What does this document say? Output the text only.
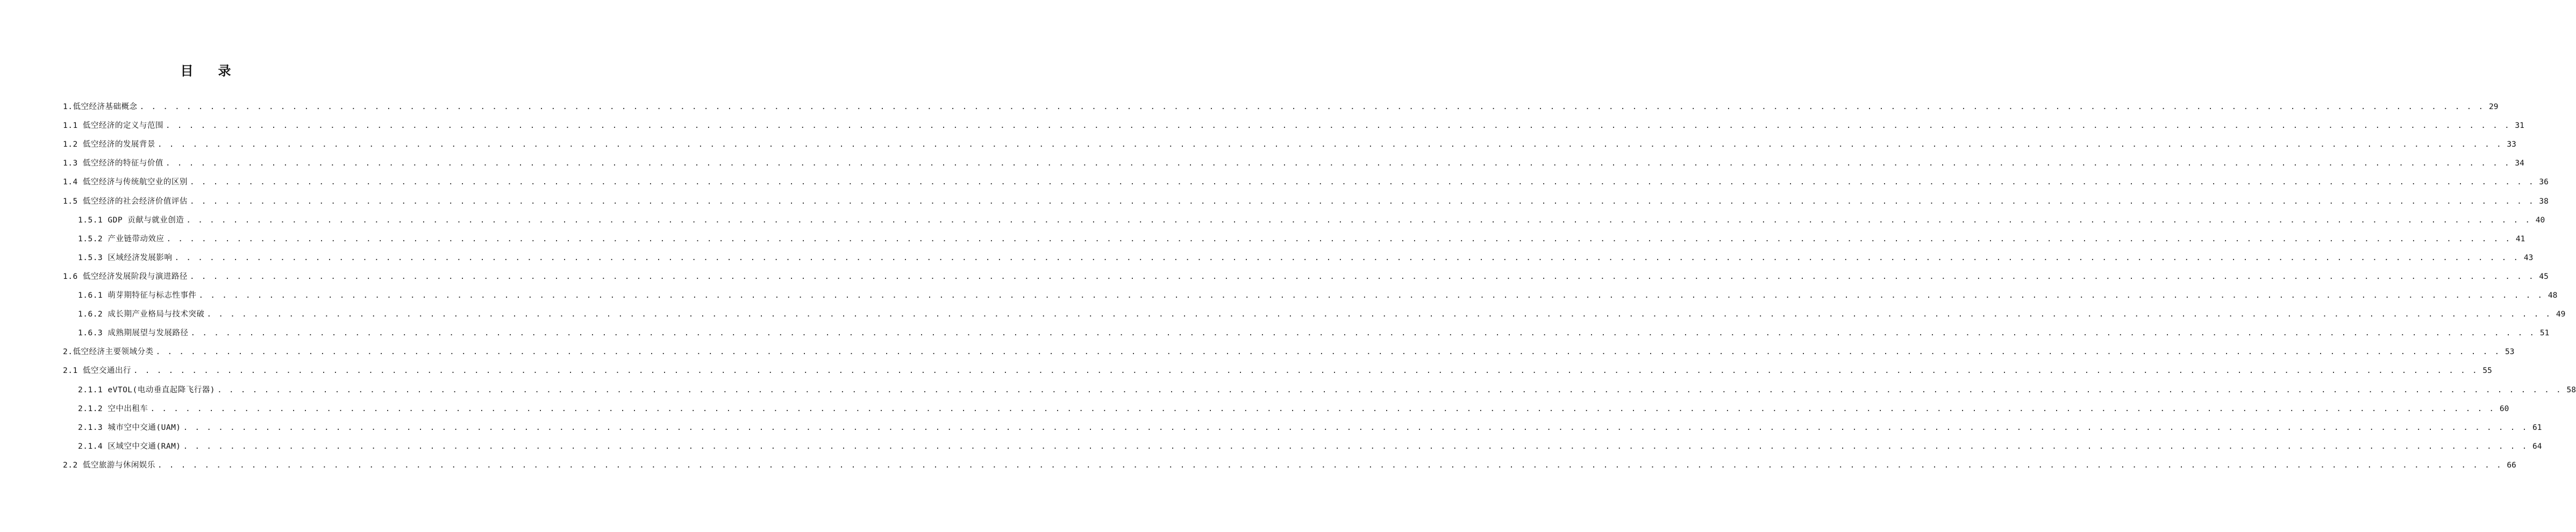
目 录
1.低空经济基础概念 . . . . . . . . . . . . . . . . . . . . . . . . . . . . . . . . . . . . . . . . . . . . . . . . . . . . . . . . . . . . . . . . . . . . . . . . . . . . . . . . . . . . . . . . . . . . . . . . . . . . . . . . . . . . . . . . . . . . . . . . . . . . . . . . . . . . . . . . . . . . . . . . . . . . . . . . . . . . . . . . . . . . . . . . . . . . . . . . . . . . . . . . . . . . . . . . . . . . . . . . 29
1.1 低空经济的定义与范围 . . . . . . . . . . . . . . . . . . . . . . . . . . . . . . . . . . . . . . . . . . . . . . . . . . . . . . . . . . . . . . . . . . . . . . . . . . . . . . . . . . . . . . . . . . . . . . . . . . . . . . . . . . . . . . . . . . . . . . . . . . . . . . . . . . . . . . . . . . . . . . . . . . . . . . . . . . . . . . . . . . . . . . . . . . . . . . . . . . . . . . . . . . . . . . . . . . . . . . . . 31
1.2 低空经济的发展背景 . . . . . . . . . . . . . . . . . . . . . . . . . . . . . . . . . . . . . . . . . . . . . . . . . . . . . . . . . . . . . . . . . . . . . . . . . . . . . . . . . . . . . . . . . . . . . . . . . . . . . . . . . . . . . . . . . . . . . . . . . . . . . . . . . . . . . . . . . . . . . . . . . . . . . . . . . . . . . . . . . . . . . . . . . . . . . . . . . . . . . . . . . . . . . . . . . . . . . . . . 33
1.3 低空经济的特征与价值 . . . . . . . . . . . . . . . . . . . . . . . . . . . . . . . . . . . . . . . . . . . . . . . . . . . . . . . . . . . . . . . . . . . . . . . . . . . . . . . . . . . . . . . . . . . . . . . . . . . . . . . . . . . . . . . . . . . . . . . . . . . . . . . . . . . . . . . . . . . . . . . . . . . . . . . . . . . . . . . . . . . . . . . . . . . . . . . . . . . . . . . . . . . . . . . . . . . . . . . . 34
1.4 低空经济与传统航空业的区别 . . . . . . . . . . . . . . . . . . . . . . . . . . . . . . . . . . . . . . . . . . . . . . . . . . . . . . . . . . . . . . . . . . . . . . . . . . . . . . . . . . . . . . . . . . . . . . . . . . . . . . . . . . . . . . . . . . . . . . . . . . . . . . . . . . . . . . . . . . . . . . . . . . . . . . . . . . . . . . . . . . . . . . . . . . . . . . . . . . . . . . . . . . . . . . . . . . . . . . . . 36
1.5 低空经济的社会经济价值评估 . . . . . . . . . . . . . . . . . . . . . . . . . . . . . . . . . . . . . . . . . . . . . . . . . . . . . . . . . . . . . . . . . . . . . . . . . . . . . . . . . . . . . . . . . . . . . . . . . . . . . . . . . . . . . . . . . . . . . . . . . . . . . . . . . . . . . . . . . . . . . . . . . . . . . . . . . . . . . . . . . . . . . . . . . . . . . . . . . . . . . . . . . . . . . . . . . . . . . . . . 38
1.5.1 GDP 贡献与就业创造 . . . . . . . . . . . . . . . . . . . . . . . . . . . . . . . . . . . . . . . . . . . . . . . . . . . . . . . . . . . . . . . . . . . . . . . . . . . . . . . . . . . . . . . . . . . . . . . . . . . . . . . . . . . . . . . . . . . . . . . . . . . . . . . . . . . . . . . . . . . . . . . . . . . . . . . . . . . . . . . . . . . . . . . . . . . . . . . . . . . . . . . . . . . . . . . . . . . . . . . . 40
1.5.2 产业链带动效应 . . . . . . . . . . . . . . . . . . . . . . . . . . . . . . . . . . . . . . . . . . . . . . . . . . . . . . . . . . . . . . . . . . . . . . . . . . . . . . . . . . . . . . . . . . . . . . . . . . . . . . . . . . . . . . . . . . . . . . . . . . . . . . . . . . . . . . . . . . . . . . . . . . . . . . . . . . . . . . . . . . . . . . . . . . . . . . . . . . . . . . . . . . . . . . . . . . . . . . . . 41
1.5.3 区域经济发展影响 . . . . . . . . . . . . . . . . . . . . . . . . . . . . . . . . . . . . . . . . . . . . . . . . . . . . . . . . . . . . . . . . . . . . . . . . . . . . . . . . . . . . . . . . . . . . . . . . . . . . . . . . . . . . . . . . . . . . . . . . . . . . . . . . . . . . . . . . . . . . . . . . . . . . . . . . . . . . . . . . . . . . . . . . . . . . . . . . . . . . . . . . . . . . . . . . . . . . . . . . 43
1.6 低空经济发展阶段与演进路径 . . . . . . . . . . . . . . . . . . . . . . . . . . . . . . . . . . . . . . . . . . . . . . . . . . . . . . . . . . . . . . . . . . . . . . . . . . . . . . . . . . . . . . . . . . . . . . . . . . . . . . . . . . . . . . . . . . . . . . . . . . . . . . . . . . . . . . . . . . . . . . . . . . . . . . . . . . . . . . . . . . . . . . . . . . . . . . . . . . . . . . . . . . . . . . . . . . . . . . . . 45
1.6.1 萌芽期特征与标志性事件 . . . . . . . . . . . . . . . . . . . . . . . . . . . . . . . . . . . . . . . . . . . . . . . . . . . . . . . . . . . . . . . . . . . . . . . . . . . . . . . . . . . . . . . . . . . . . . . . . . . . . . . . . . . . . . . . . . . . . . . . . . . . . . . . . . . . . . . . . . . . . . . . . . . . . . . . . . . . . . . . . . . . . . . . . . . . . . . . . . . . . . . . . . . . . . . . . . . . . . . . 48
1.6.2 成长期产业格局与技术突破 . . . . . . . . . . . . . . . . . . . . . . . . . . . . . . . . . . . . . . . . . . . . . . . . . . . . . . . . . . . . . . . . . . . . . . . . . . . . . . . . . . . . . . . . . . . . . . . . . . . . . . . . . . . . . . . . . . . . . . . . . . . . . . . . . . . . . . . . . . . . . . . . . . . . . . . . . . . . . . . . . . . . . . . . . . . . . . . . . . . . . . . . . . . . . . . . . . . . . . . . 49
1.6.3 成熟期展望与发展路径 . . . . . . . . . . . . . . . . . . . . . . . . . . . . . . . . . . . . . . . . . . . . . . . . . . . . . . . . . . . . . . . . . . . . . . . . . . . . . . . . . . . . . . . . . . . . . . . . . . . . . . . . . . . . . . . . . . . . . . . . . . . . . . . . . . . . . . . . . . . . . . . . . . . . . . . . . . . . . . . . . . . . . . . . . . . . . . . . . . . . . . . . . . . . . . . . . . . . . . . . 51
2.低空经济主要领域分类 . . . . . . . . . . . . . . . . . . . . . . . . . . . . . . . . . . . . . . . . . . . . . . . . . . . . . . . . . . . . . . . . . . . . . . . . . . . . . . . . . . . . . . . . . . . . . . . . . . . . . . . . . . . . . . . . . . . . . . . . . . . . . . . . . . . . . . . . . . . . . . . . . . . . . . . . . . . . . . . . . . . . . . . . . . . . . . . . . . . . . . . . . . . . . . . . . . . . . . . . 53
2.1 低空交通出行 . . . . . . . . . . . . . . . . . . . . . . . . . . . . . . . . . . . . . . . . . . . . . . . . . . . . . . . . . . . . . . . . . . . . . . . . . . . . . . . . . . . . . . . . . . . . . . . . . . . . . . . . . . . . . . . . . . . . . . . . . . . . . . . . . . . . . . . . . . . . . . . . . . . . . . . . . . . . . . . . . . . . . . . . . . . . . . . . . . . . . . . . . . . . . . . . . . . . . . . . 55
2.1.1 eVTOL(电动垂直起降飞行器) . . . . . . . . . . . . . . . . . . . . . . . . . . . . . . . . . . . . . . . . . . . . . . . . . . . . . . . . . . . . . . . . . . . . . . . . . . . . . . . . . . . . . . . . . . . . . . . . . . . . . . . . . . . . . . . . . . . . . . . . . . . . . . . . . . . . . . . . . . . . . . . . . . . . . . . . . . . . . . . . . . . . . . . . . . . . . . . . . . . . . . . . . . . . . . . . . . . . . . . . 58
2.1.2 空中出租车 . . . . . . . . . . . . . . . . . . . . . . . . . . . . . . . . . . . . . . . . . . . . . . . . . . . . . . . . . . . . . . . . . . . . . . . . . . . . . . . . . . . . . . . . . . . . . . . . . . . . . . . . . . . . . . . . . . . . . . . . . . . . . . . . . . . . . . . . . . . . . . . . . . . . . . . . . . . . . . . . . . . . . . . . . . . . . . . . . . . . . . . . . . . . . . . . . . . . . . . . 60
2.1.3 城市空中交通(UAM) . . . . . . . . . . . . . . . . . . . . . . . . . . . . . . . . . . . . . . . . . . . . . . . . . . . . . . . . . . . . . . . . . . . . . . . . . . . . . . . . . . . . . . . . . . . . . . . . . . . . . . . . . . . . . . . . . . . . . . . . . . . . . . . . . . . . . . . . . . . . . . . . . . . . . . . . . . . . . . . . . . . . . . . . . . . . . . . . . . . . . . . . . . . . . . . . . . . . . . . . 61
2.1.4 区域空中交通(RAM) . . . . . . . . . . . . . . . . . . . . . . . . . . . . . . . . . . . . . . . . . . . . . . . . . . . . . . . . . . . . . . . . . . . . . . . . . . . . . . . . . . . . . . . . . . . . . . . . . . . . . . . . . . . . . . . . . . . . . . . . . . . . . . . . . . . . . . . . . . . . . . . . . . . . . . . . . . . . . . . . . . . . . . . . . . . . . . . . . . . . . . . . . . . . . . . . . . . . . . . . 64
2.2 低空旅游与休闲娱乐 . . . . . . . . . . . . . . . . . . . . . . . . . . . . . . . . . . . . . . . . . . . . . . . . . . . . . . . . . . . . . . . . . . . . . . . . . . . . . . . . . . . . . . . . . . . . . . . . . . . . . . . . . . . . . . . . . . . . . . . . . . . . . . . . . . . . . . . . . . . . . . . . . . . . . . . . . . . . . . . . . . . . . . . . . . . . . . . . . . . . . . . . . . . . . . . . . . . . . . . . 66
